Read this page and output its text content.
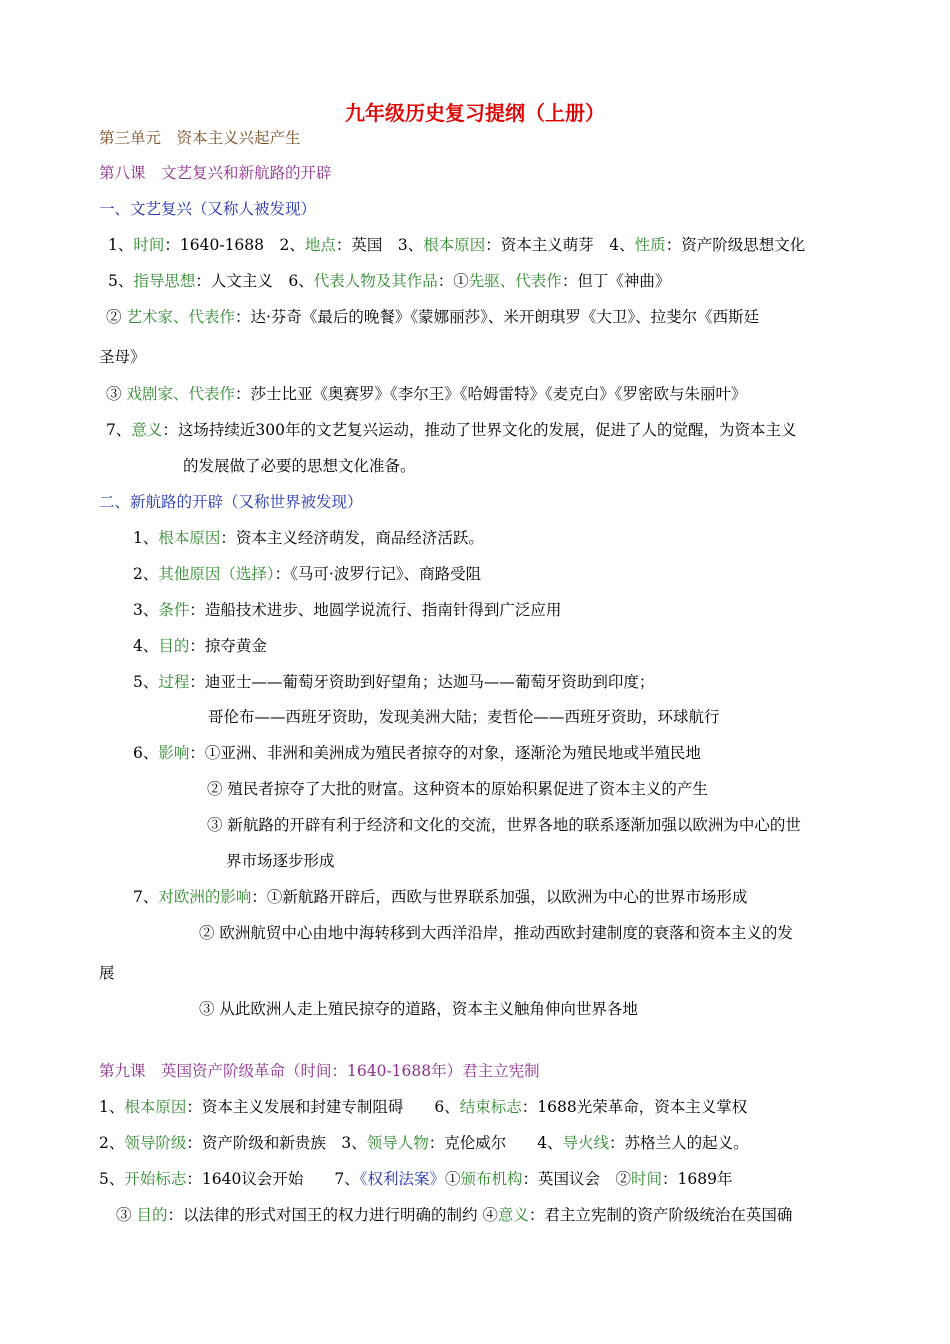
九年级历史复习提纲（上册）
第三单元　资本主义兴起产生
第八课　文艺复兴和新航路的开辟
一、文艺复兴（又称人被发现）
1、时间：1640-1688　2、地点：英国　3、根本原因：资本主义萌芽　4、性质：资产阶级思想文化
5、指导思想：人文主义　6、代表人物及其作品：①先驱、代表作：但丁《神曲》
② 艺术家、代表作：达·芬奇《最后的晚餐》《蒙娜丽莎》、米开朗琪罗《大卫》、拉斐尔《西斯廷
圣母》
③ 戏剧家、代表作：莎士比亚《奥赛罗》《李尔王》《哈姆雷特》《麦克白》《罗密欧与朱丽叶》
7、意义：这场持续近300年的文艺复兴运动，推动了世界文化的发展，促进了人的觉醒，为资本主义
的发展做了必要的思想文化准备。
二、新航路的开辟（又称世界被发现）
1、根本原因：资本主义经济萌发，商品经济活跃。
2、其他原因（选择）：《马可·波罗行记》、商路受阻
3、条件：造船技术进步、地圆学说流行、指南针得到广泛应用
4、目的：掠夺黄金
5、过程：迪亚士——葡萄牙资助到好望角；达迦马——葡萄牙资助到印度；
哥伦布——西班牙资助，发现美洲大陆；麦哲伦——西班牙资助，环球航行
6、影响：①亚洲、非洲和美洲成为殖民者掠夺的对象，逐渐沦为殖民地或半殖民地
② 殖民者掠夺了大批的财富。这种资本的原始积累促进了资本主义的产生
③ 新航路的开辟有利于经济和文化的交流，世界各地的联系逐渐加强以欧洲为中心的世
界市场逐步形成
7、对欧洲的影响：①新航路开辟后，西欧与世界联系加强，以欧洲为中心的世界市场形成
② 欧洲航贸中心由地中海转移到大西洋沿岸，推动西欧封建制度的衰落和资本主义的发
展
③ 从此欧洲人走上殖民掠夺的道路，资本主义触角伸向世界各地
第九课　英国资产阶级革命（时间：1640-1688年）君主立宪制
1、根本原因：资本主义发展和封建专制阻碍　　6、结束标志：1688光荣革命，资本主义掌权
2、领导阶级：资产阶级和新贵族　3、领导人物：克伦威尔　　4、导火线：苏格兰人的起义。
5、开始标志：1640议会开始　　7、《权利法案》①颁布机构：英国议会　②时间：1689年
③ 目的：以法律的形式对国王的权力进行明确的制约 ④意义：君主立宪制的资产阶级统治在英国确
